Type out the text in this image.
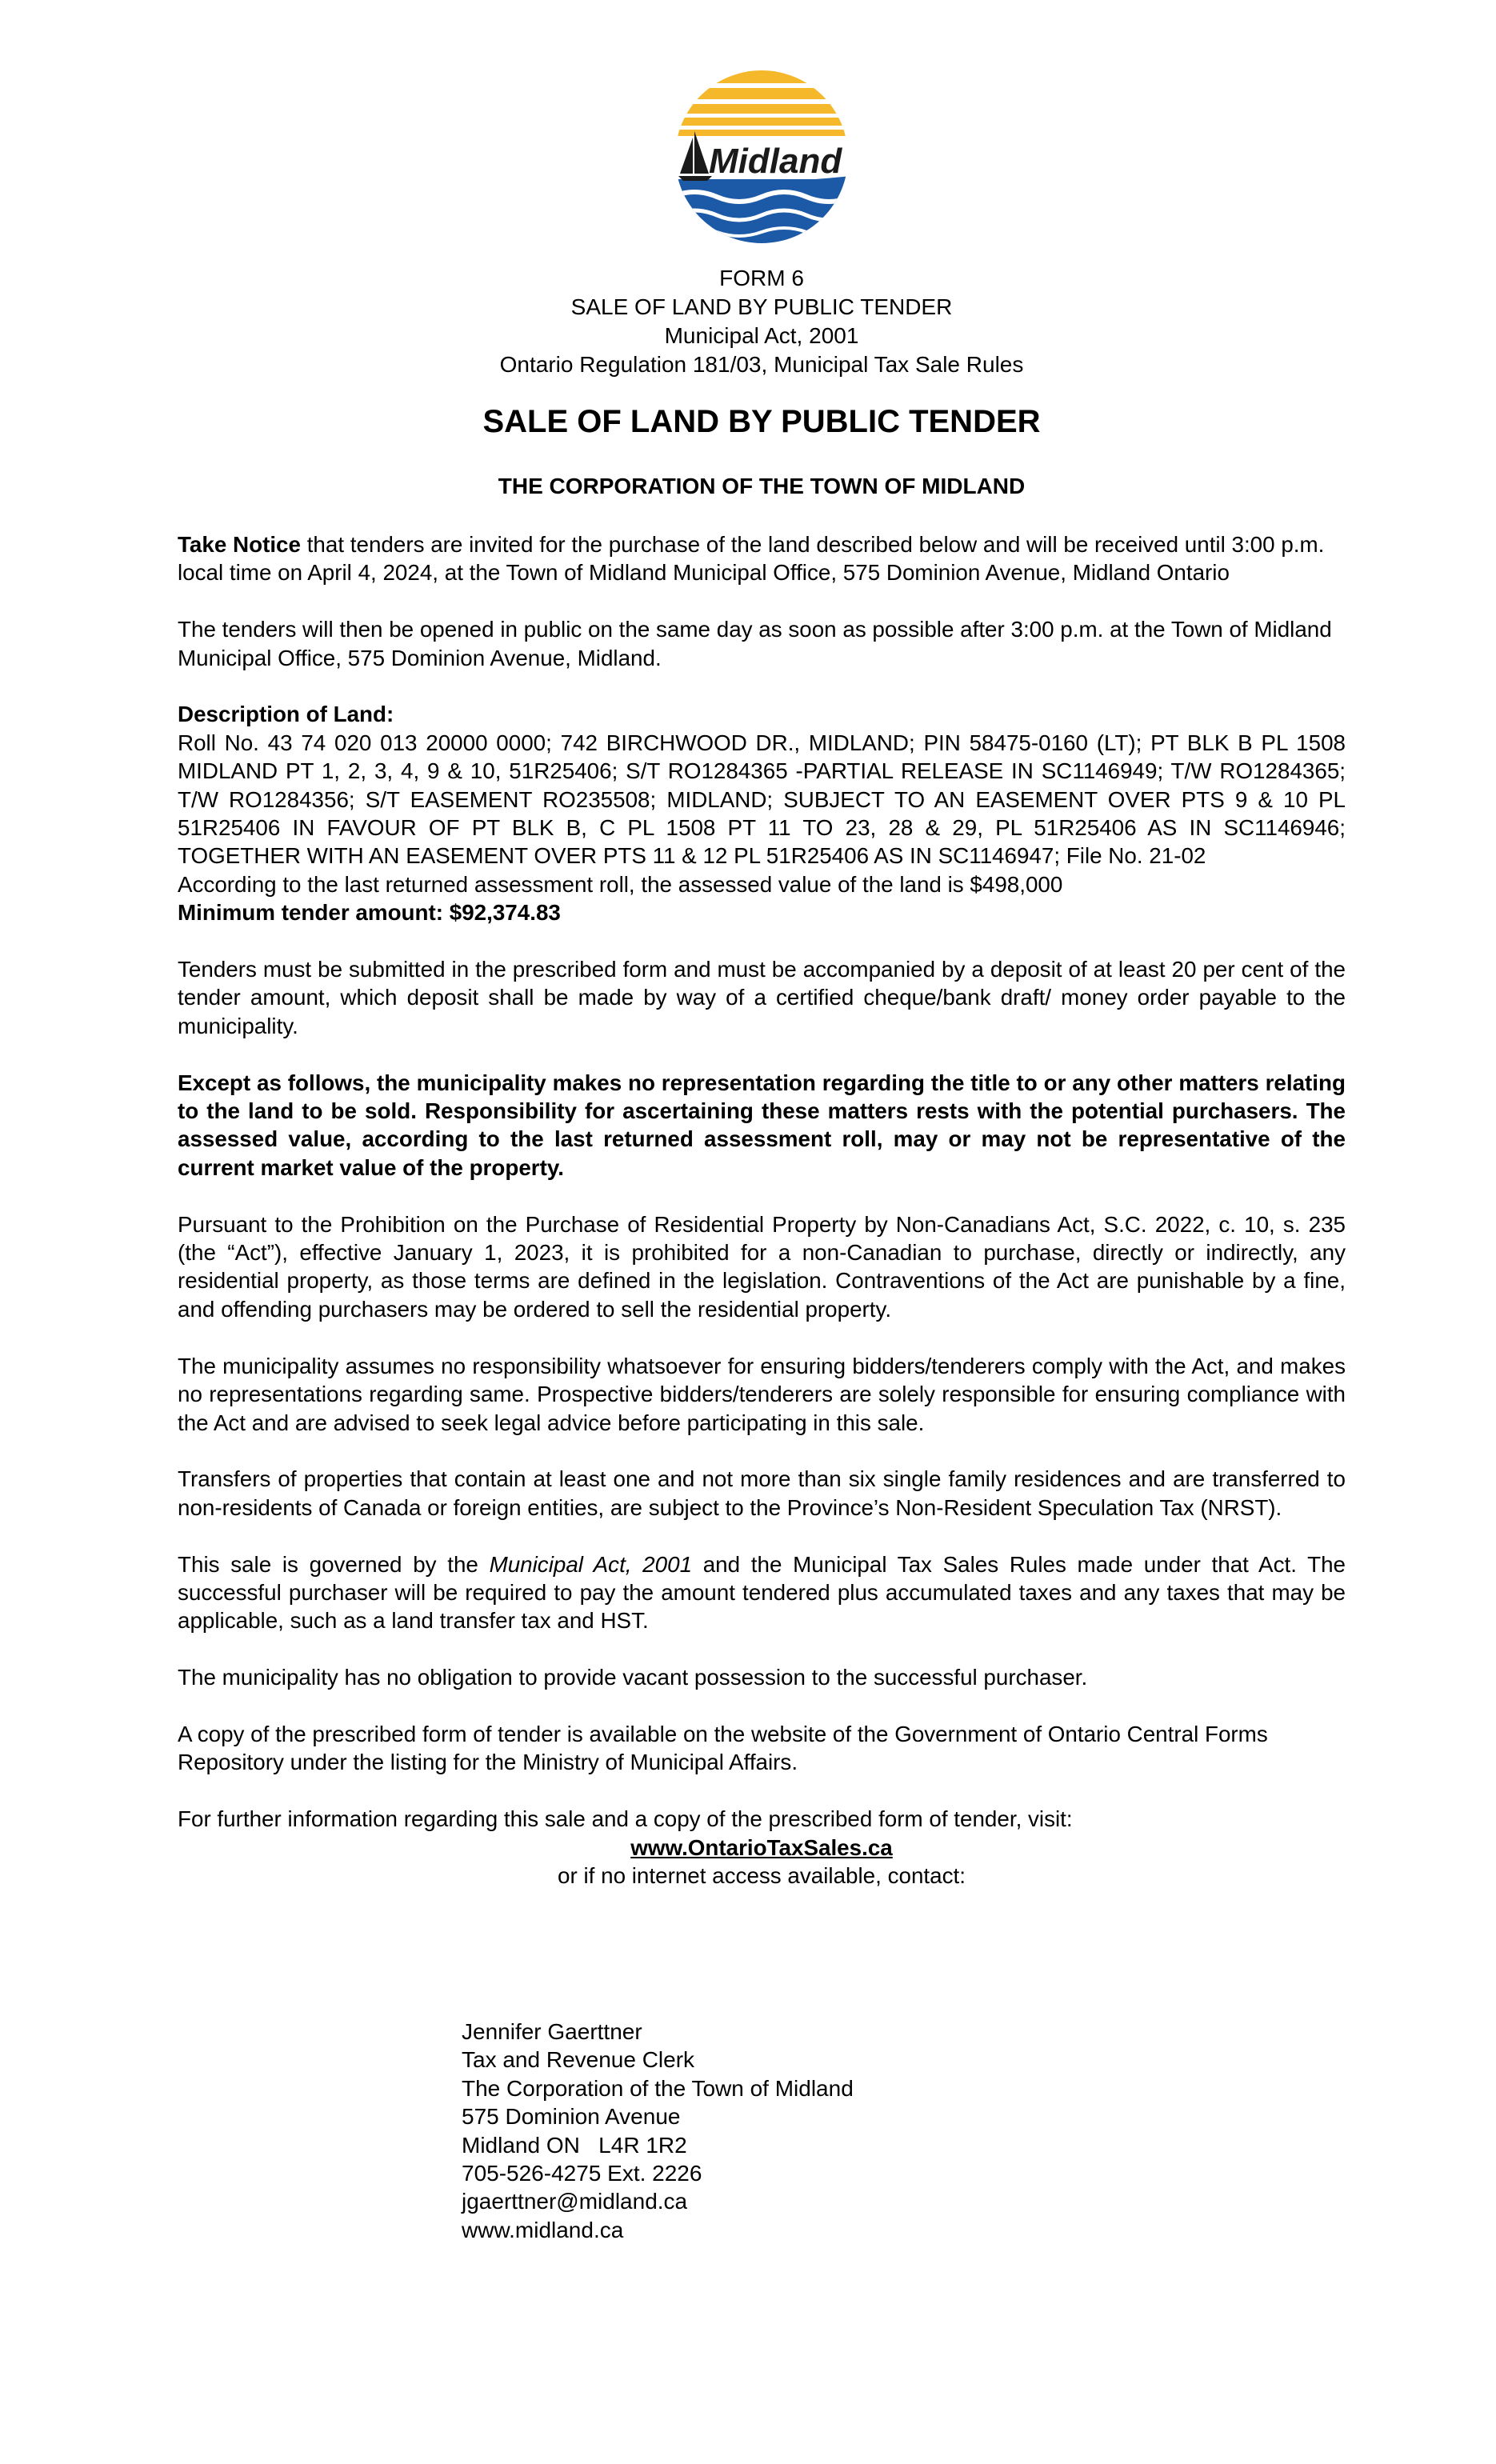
Midland
FORM 6
SALE OF LAND BY PUBLIC TENDER
Municipal Act, 2001
Ontario Regulation 181/03, Municipal Tax Sale Rules
SALE OF LAND BY PUBLIC TENDER
THE CORPORATION OF THE TOWN OF MIDLAND

Take Notice that tenders are invited for the purchase of the land described below and will be received until 3:00 p.m. local time on April 4, 2024, at the Town of Midland Municipal Office, 575 Dominion Avenue, Midland Ontario

The tenders will then be opened in public on the same day as soon as possible after 3:00 p.m. at the Town of Midland Municipal Office, 575 Dominion Avenue, Midland.

Description of Land:
Roll No. 43 74 020 013 20000 0000; 742 BIRCHWOOD DR., MIDLAND; PIN 58475-0160 (LT); PT BLK B PL 1508 MIDLAND PT 1, 2, 3, 4, 9 & 10, 51R25406; S/T RO1284365 -PARTIAL RELEASE IN SC1146949; T/W RO1284365; T/W RO1284356; S/T EASEMENT RO235508; MIDLAND; SUBJECT TO AN EASEMENT OVER PTS 9 & 10 PL 51R25406 IN FAVOUR OF PT BLK B, C PL 1508 PT 11 TO 23, 28 & 29, PL 51R25406 AS IN SC1146946; TOGETHER WITH AN EASEMENT OVER PTS 11 & 12 PL 51R25406 AS IN SC1146947; File No. 21-02
According to the last returned assessment roll, the assessed value of the land is $498,000
Minimum tender amount: $92,374.83

Tenders must be submitted in the prescribed form and must be accompanied by a deposit of at least 20 per cent of the tender amount, which deposit shall be made by way of a certified cheque/bank draft/ money order payable to the municipality.

Except as follows, the municipality makes no representation regarding the title to or any other matters relating to the land to be sold. Responsibility for ascertaining these matters rests with the potential purchasers. The assessed value, according to the last returned assessment roll, may or may not be representative of the current market value of the property.

Pursuant to the Prohibition on the Purchase of Residential Property by Non-Canadians Act, S.C. 2022, c. 10, s. 235 (the “Act”), effective January 1, 2023, it is prohibited for a non-Canadian to purchase, directly or indirectly, any residential property, as those terms are defined in the legislation. Contraventions of the Act are punishable by a fine, and offending purchasers may be ordered to sell the residential property.

The municipality assumes no responsibility whatsoever for ensuring bidders/tenderers comply with the Act, and makes no representations regarding same. Prospective bidders/tenderers are solely responsible for ensuring compliance with the Act and are advised to seek legal advice before participating in this sale.

Transfers of properties that contain at least one and not more than six single family residences and are transferred to non-residents of Canada or foreign entities, are subject to the Province’s Non-Resident Speculation Tax (NRST).

This sale is governed by the Municipal Act, 2001 and the Municipal Tax Sales Rules made under that Act. The successful purchaser will be required to pay the amount tendered plus accumulated taxes and any taxes that may be applicable, such as a land transfer tax and HST.

The municipality has no obligation to provide vacant possession to the successful purchaser.

A copy of the prescribed form of tender is available on the website of the Government of Ontario Central Forms Repository under the listing for the Ministry of Municipal Affairs.

For further information regarding this sale and a copy of the prescribed form of tender, visit:

www.OntarioTaxSales.ca

or if no internet access available, contact:

Jennifer Gaerttner
Tax and Revenue Clerk
The Corporation of the Town of Midland
575 Dominion Avenue
Midland ON   L4R 1R2
705-526-4275 Ext. 2226
jgaerttner@midland.ca
www.midland.ca
